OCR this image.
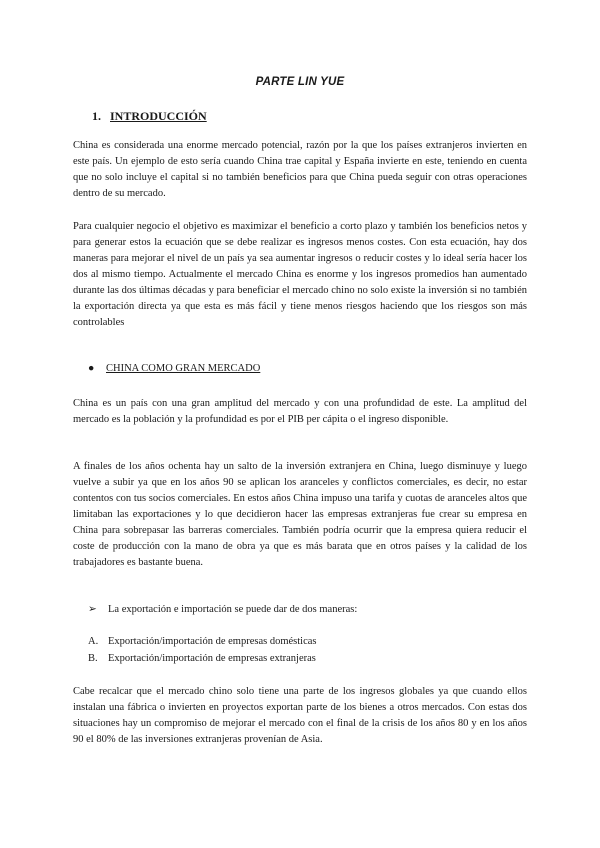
PARTE LIN YUE
1. INTRODUCCIÓN
China es considerada una enorme mercado potencial, razón por la que los países extranjeros invierten en este país. Un ejemplo de esto sería cuando China trae capital y España invierte en este, teniendo en cuenta que no solo incluye el capital si no también beneficios para que China pueda seguir con otras operaciones dentro de su mercado.
Para cualquier negocio el objetivo es maximizar el beneficio a corto plazo y también los beneficios netos y para generar estos la ecuación que se debe realizar es ingresos menos costes. Con esta ecuación, hay dos maneras para mejorar el nivel de un país ya sea aumentar ingresos o reducir costes y lo ideal sería hacer los dos al mismo tiempo. Actualmente el mercado China es enorme y los ingresos promedios han aumentado durante las dos últimas décadas y para beneficiar el mercado chino no solo existe la inversión si no también la exportación directa ya que esta es más fácil y tiene menos riesgos haciendo que los riesgos son más controlables
● CHINA COMO GRAN MERCADO
China es un país con una gran amplitud del mercado y con una profundidad de este. La amplitud del mercado es la población y la profundidad es por el PIB per cápita o el ingreso disponible.
A finales de los años ochenta hay un salto de la inversión extranjera en China, luego disminuye y luego vuelve a subir ya que en los años 90 se aplican los aranceles y conflictos comerciales, es decir, no estar contentos con tus socios comerciales. En estos años China impuso una tarifa y cuotas de aranceles altos que limitaban las exportaciones y lo que decidieron hacer las empresas extranjeras fue crear su empresa en China para sobrepasar las barreras comerciales. También podría ocurrir que la empresa quiera reducir el coste de producción con la mano de obra ya que es más barata que en otros países y la calidad de los trabajadores es bastante buena.
➢ La exportación e importación se puede dar de dos maneras:
A. Exportación/importación de empresas domésticas
B. Exportación/importación de empresas extranjeras
Cabe recalcar que el mercado chino solo tiene una parte de los ingresos globales ya que cuando ellos instalan una fábrica o invierten en proyectos exportan parte de los bienes a otros mercados. Con estas dos situaciones hay un compromiso de mejorar el mercado con el final de la crisis de los años 80 y en los años 90 el 80% de las inversiones extranjeras provenían de Asia.
